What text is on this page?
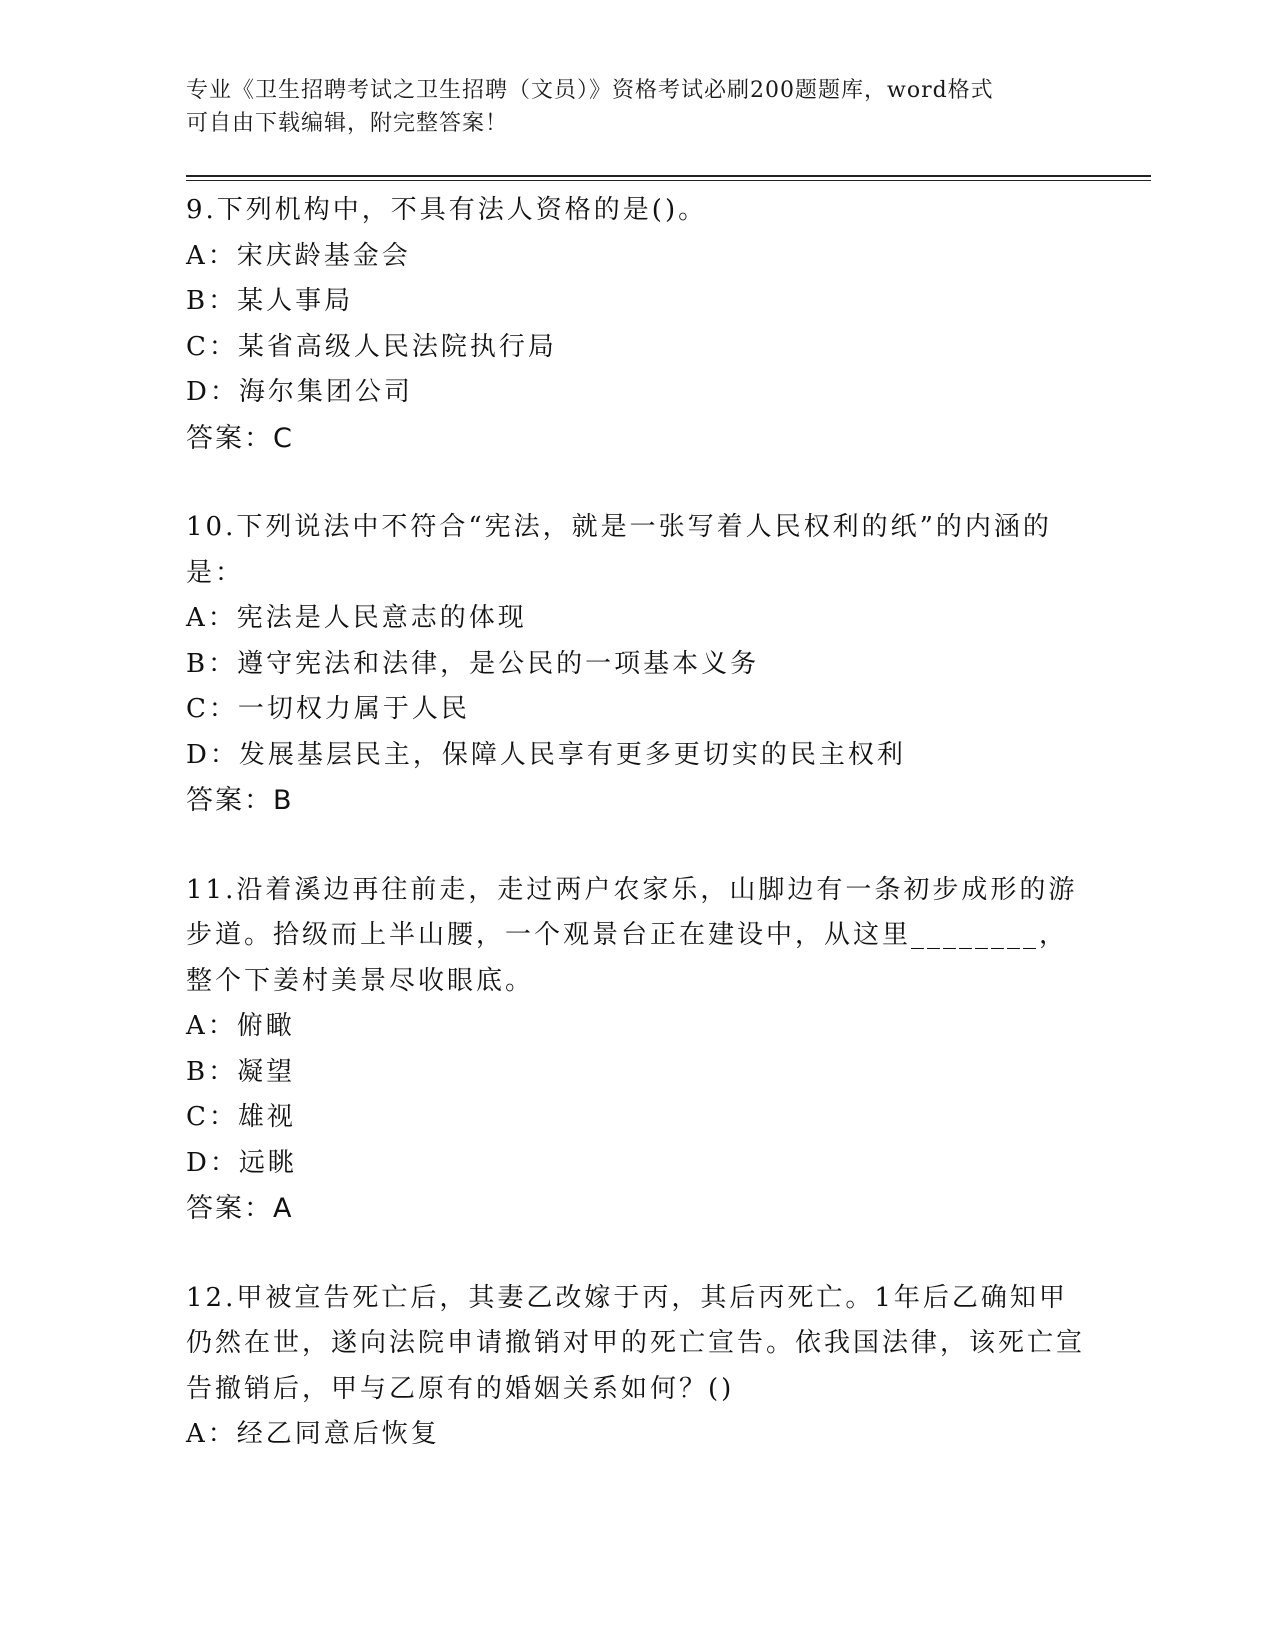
专业《卫生招聘考试之卫生招聘（文员）》资格考试必刷200题题库，word格式
可自由下载编辑，附完整答案！

9.下列机构中，不具有法人资格的是()。

A：宋庆龄基金会

B：某人事局

C：某省高级人民法院执行局

D：海尔集团公司

答案：C

10.下列说法中不符合“宪法，就是一张写着人民权利的纸”的内涵的是：

A：宪法是人民意志的体现

B：遵守宪法和法律，是公民的一项基本义务

C：一切权力属于人民

D：发展基层民主，保障人民享有更多更切实的民主权利

答案：B

11.沿着溪边再往前走，走过两户农家乐，山脚边有一条初步成形的游步道。拾级而上半山腰，一个观景台正在建设中，从这里________，整个下姜村美景尽收眼底。

A：俯瞰

B：凝望

C：雄视

D：远眺

答案：A

12.甲被宣告死亡后，其妻乙改嫁于丙，其后丙死亡。1年后乙确知甲仍然在世，遂向法院申请撤销对甲的死亡宣告。依我国法律，该死亡宣告撤销后，甲与乙原有的婚姻关系如何？()

A：经乙同意后恢复
